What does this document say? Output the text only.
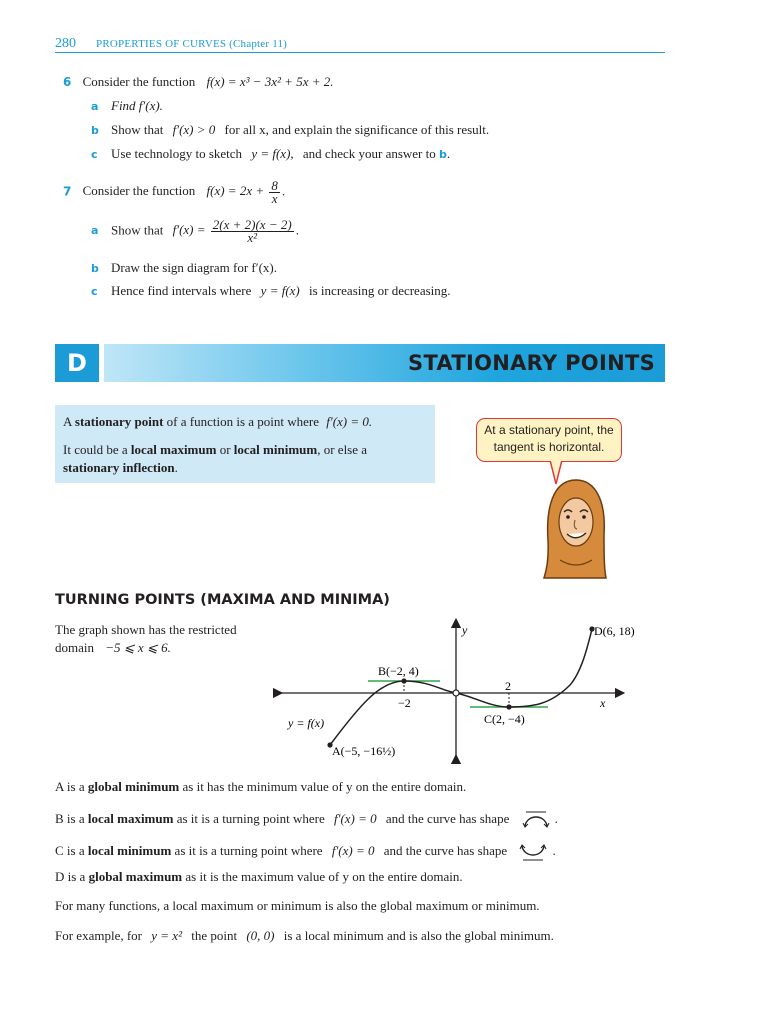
280 PROPERTIES OF CURVES (Chapter 11)
6 Consider the function f(x) = x³ − 3x² + 5x + 2.
a Find f′(x).
b Show that f′(x) > 0 for all x, and explain the significance of this result.
c Use technology to sketch y = f(x), and check your answer to b.
7 Consider the function $f(x) = 2x + \frac{8}{x}$ .
a Show that $f'(x) = \frac{2(x + 2)(x - 2)}{\text{x²}}$ .
b Draw the sign diagram for f′(x).
c Hence find intervals where y = f(x) is increasing or decreasing.
D	STATIONARY POINTS
A stationary point of a function is a point where f′(x) = 0.
It could be a local maximum or local minimum, or else a
stationary inflection.
At a stationary point, the
tangent is horizontal.
TURNING POINTS (MAXIMA AND MINIMA)
The graph shown has the restricted
domain −5 ⩽ x ⩽ 6.
y
x
y = f(x)
A(−5, −16½)
B(−2, 4)
C(2, −4)
D(6, 18)
−2
2
A is a global minimum as it has the minimum value of y on the entire domain.
B is a local maximum as it is a turning point where f′(x) = 0 and the curve has shape	.
C is a local minimum as it is a turning point where f′(x) = 0 and the curve has shape	.
D is a global maximum as it is the maximum value of y on the entire domain.
For many functions, a local maximum or minimum is also the global maximum or minimum.
For example, for y = x² the point (0, 0) is a local minimum and is also the global minimum.
